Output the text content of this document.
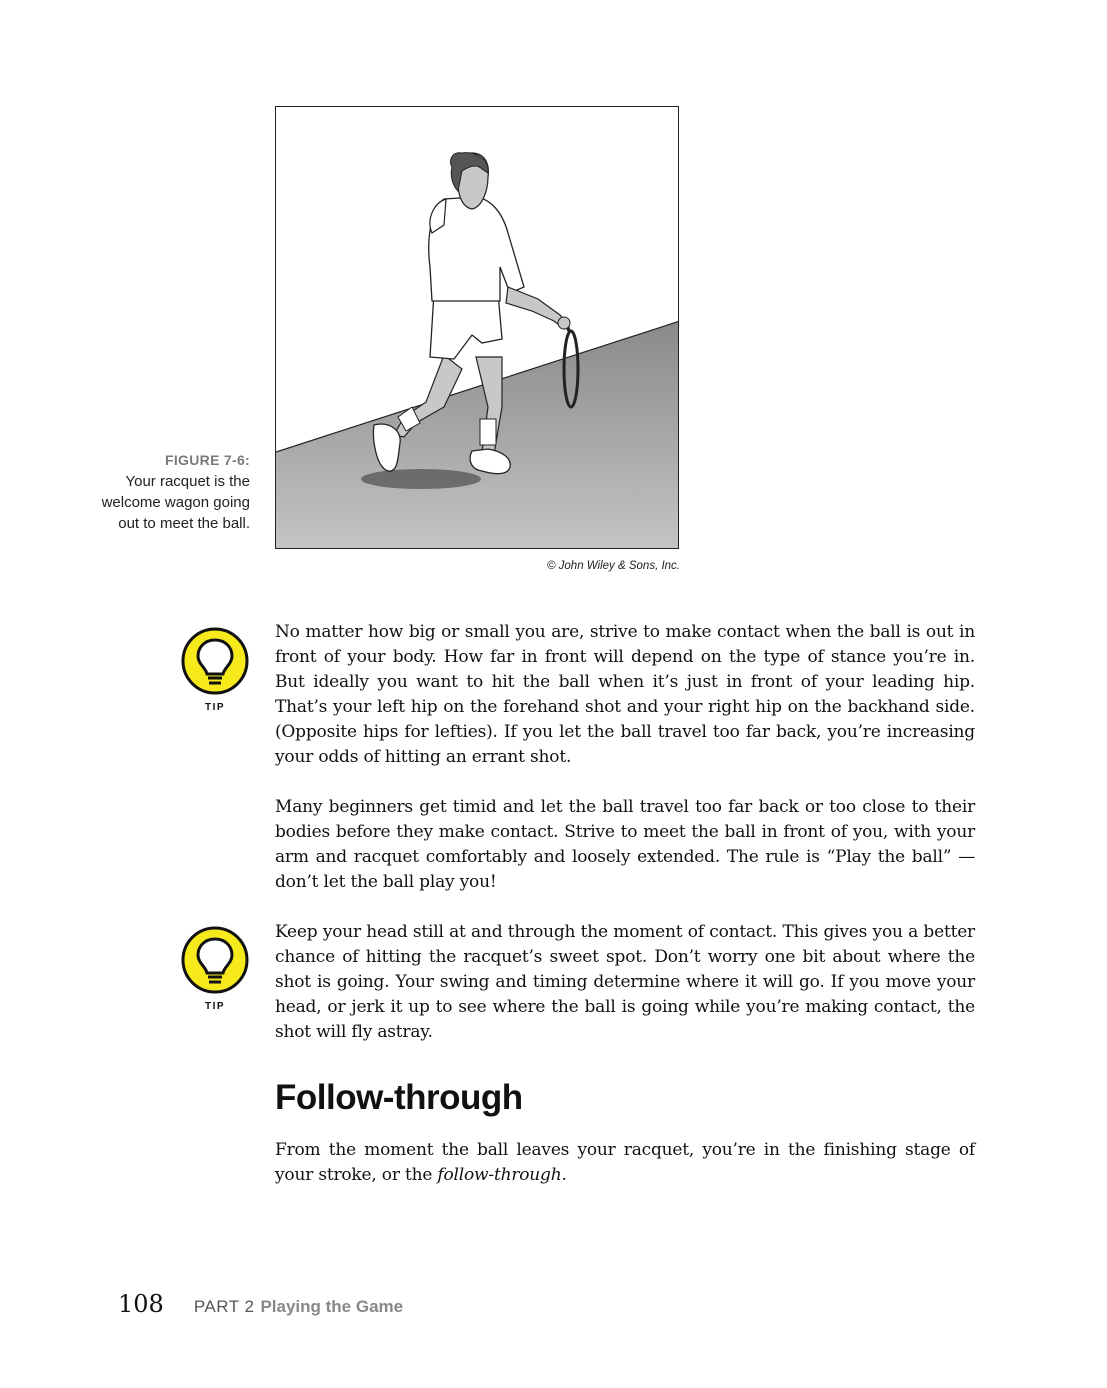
FIGURE 7-6:
Your racquet is the welcome wagon going out to meet the ball.
© John Wiley & Sons, Inc.
TIP
TIP

No matter how big or small you are, strive to make contact when the ball is out in front of your body. How far in front will depend on the type of stance you’re in. But ideally you want to hit the ball when it’s just in front of your leading hip. That’s your left hip on the forehand shot and your right hip on the backhand side. (Opposite hips for lefties). If you let the ball travel too far back, you’re increasing your odds of hitting an errant shot.

Many beginners get timid and let the ball travel too far back or too close to their bodies before they make contact. Strive to meet the ball in front of you, with your arm and racquet comfortably and loosely extended. The rule is “Play the ball” — don’t let the ball play you!

Keep your head still at and through the moment of contact. This gives you a better chance of hitting the racquet’s sweet spot. Don’t worry one bit about where the shot is going. Your swing and timing determine where it will go. If you move your head, or jerk it up to see where the ball is going while you’re making contact, the shot will fly astray.

Follow-through

From the moment the ball leaves your racquet, you’re in the finishing stage of your stroke, or the follow-through.

108 PART 2 Playing the Game
